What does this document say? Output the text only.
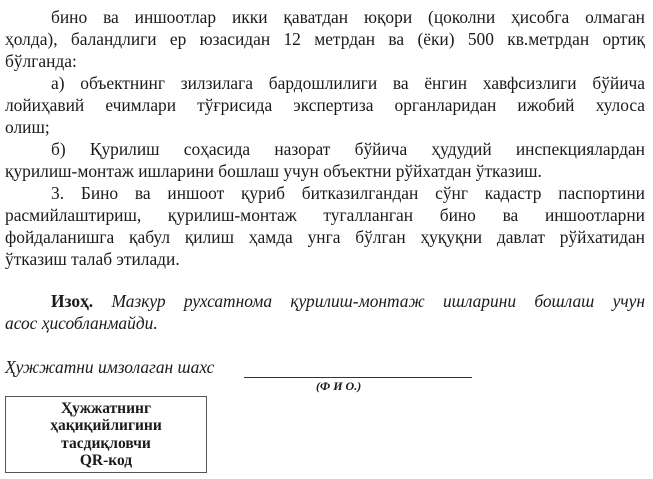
бино ва иншоотлар икки қаватдан юқори (цоколни ҳисобга олмаган
ҳолда), баландлиги ер юзасидан 12 метрдан ва (ёки) 500 кв.метрдан ортиқ
бўлганда:
а) объектнинг зилзилага бардошлилиги ва ёнгин хавфсизлиги бўйича
лойиҳавий ечимлари тўғрисида экспертиза органларидан ижобий хулоса
олиш;
б) Қурилиш соҳасида назорат бўйича ҳудудий инспекциялардан
қурилиш-монтаж ишларини бошлаш учун объектни рўйхатдан ўтказиш.
3. Бино ва иншоот қуриб битказилгандан сўнг кадастр паспортини
расмийлаштириш, қурилиш-монтаж тугалланган бино ва иншоотларни
фойдаланишга қабул қилиш ҳамда унга бўлган ҳуқуқни давлат рўйхатидан
ўтказиш талаб этилади.
Изоҳ. Мазкур рухсатнома қурилиш-монтаж ишларини бошлаш учун
асос ҳисобланмайди.
Ҳужжатни имзолаган шахс
(Ф И О.)
Ҳужжатнинг
ҳақиқийлигини
тасдиқловчи
QR-код
